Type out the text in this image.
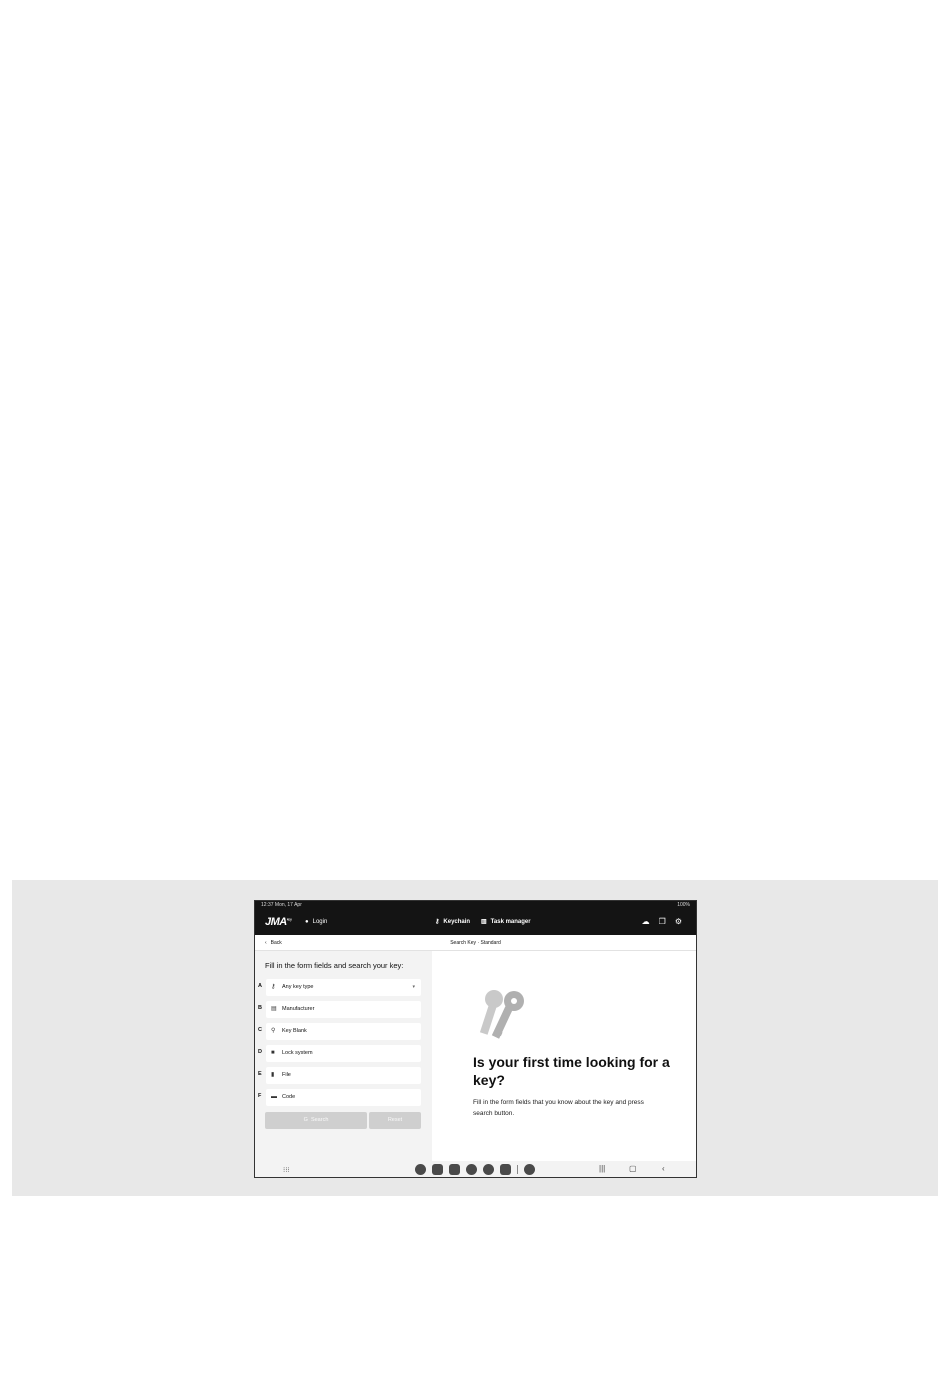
12:37 Mon, 17 Apr	100%
$JMA^{key}$
● Login	⚷ Keychain ▥ Task manager	☁ ❐ ⚙
‹ Back	Search Key · Standard
Fill in the form fields and search your key:
A ⚷ Any key type	▾
B ▤ Manufacturer
C ⚲ Key Blank
D ■ Lock system
E ▮ File
F ▬ Code
G Search	Reset
Is your first time looking for a key?
Fill in the form fields that you know about the key and press search button.
⁝⁝⁝	|||	▢	‹
